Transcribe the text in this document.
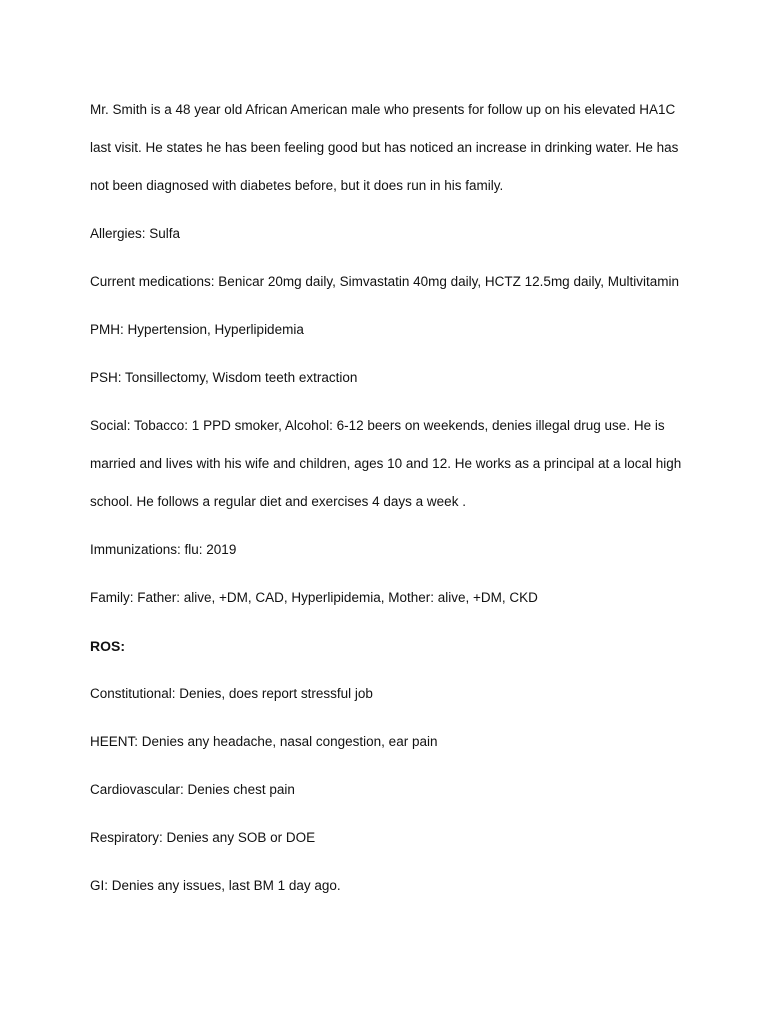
Mr. Smith is a 48 year old African American male who presents for follow up on his elevated HA1C last visit. He states he has been feeling good but has noticed an increase in drinking water. He has not been diagnosed with diabetes before, but it does run in his family.

Allergies: Sulfa

Current medications: Benicar 20mg daily, Simvastatin 40mg daily, HCTZ 12.5mg daily, Multivitamin

PMH: Hypertension, Hyperlipidemia

PSH: Tonsillectomy, Wisdom teeth extraction

Social: Tobacco: 1 PPD smoker, Alcohol: 6-12 beers on weekends, denies illegal drug use. He is married and lives with his wife and children, ages 10 and 12. He works as a principal at a local high school. He follows a regular diet and exercises 4 days a week .

Immunizations: flu: 2019

Family: Father: alive, +DM, CAD, Hyperlipidemia, Mother: alive, +DM, CKD

ROS:

Constitutional: Denies, does report stressful job

HEENT: Denies any headache, nasal congestion, ear pain

Cardiovascular: Denies chest pain

Respiratory: Denies any SOB or DOE

GI: Denies any issues, last BM 1 day ago.
